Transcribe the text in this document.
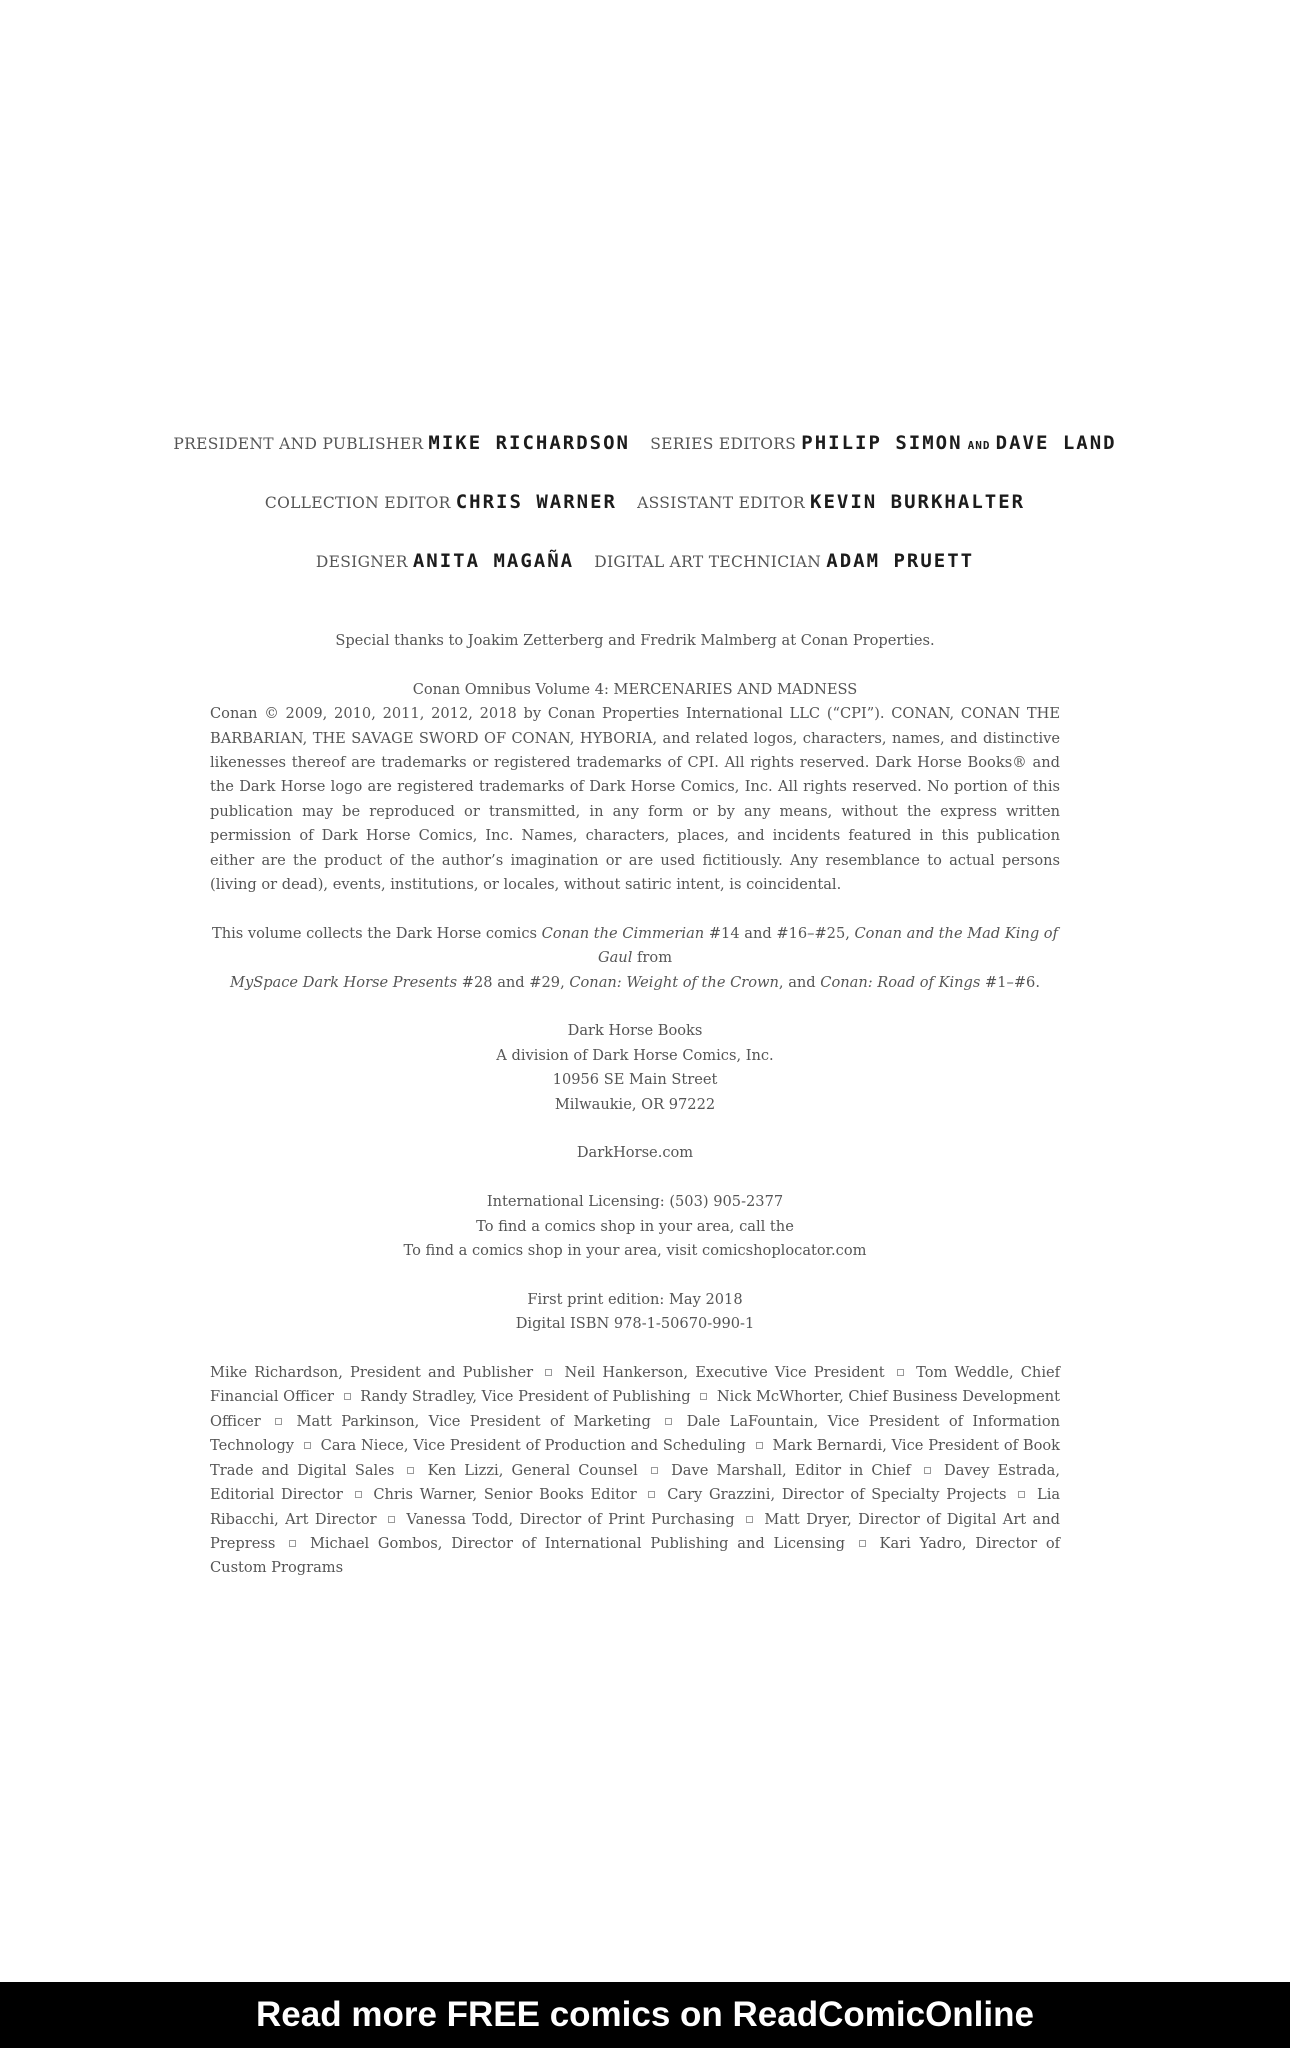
PRESIDENT AND PUBLISHER MIKE RICHARDSON SERIES EDITORS PHILIP SIMON AND DAVE LAND
COLLECTION EDITOR CHRIS WARNER ASSISTANT EDITOR KEVIN BURKHALTER
DESIGNER ANITA MAGAÑA DIGITAL ART TECHNICIAN ADAM PRUETT

Special thanks to Joakim Zetterberg and Fredrik Malmberg at Conan Properties.

Conan Omnibus Volume 4: MERCENARIES AND MADNESS

Conan © 2009, 2010, 2011, 2012, 2018 by Conan Properties International LLC (“CPI”). CONAN, CONAN THE BARBARIAN, THE SAVAGE SWORD OF CONAN, HYBORIA, and related logos, characters, names, and distinctive likenesses thereof are trademarks or registered trademarks of CPI. All rights reserved. Dark Horse Books® and the Dark Horse logo are registered trademarks of Dark Horse Comics, Inc. All rights reserved. No portion of this publication may be reproduced or transmitted, in any form or by any means, without the express written permission of Dark Horse Comics, Inc. Names, characters, places, and incidents featured in this publication either are the product of the author’s imagination or are used fictitiously. Any resemblance to actual persons (living or dead), events, institutions, or locales, without satiric intent, is coincidental.

This volume collects the Dark Horse comics Conan the Cimmerian #14 and #16–#25, Conan and the Mad King of Gaul from
MySpace Dark Horse Presents #28 and #29, Conan: Weight of the Crown, and Conan: Road of Kings #1–#6.

Dark Horse Books
A division of Dark Horse Comics, Inc.
10956 SE Main Street
Milwaukie, OR 97222

DarkHorse.com

International Licensing: (503) 905-2377
To find a comics shop in your area, call the
To find a comics shop in your area, visit comicshoplocator.com

First print edition: May 2018
Digital ISBN 978-1-50670-990-1

Mike Richardson, President and Publisher Neil Hankerson, Executive Vice President Tom Weddle, Chief Financial Officer Randy Stradley, Vice President of Publishing Nick McWhorter, Chief Business Development Officer Matt Parkinson, Vice President of Marketing Dale LaFountain, Vice President of Information Technology Cara Niece, Vice President of Production and Scheduling Mark Bernardi, Vice President of Book Trade and Digital Sales Ken Lizzi, General Counsel Dave Marshall, Editor in Chief Davey Estrada, Editorial Director Chris Warner, Senior Books Editor Cary Grazzini, Director of Specialty Projects Lia Ribacchi, Art Director Vanessa Todd, Director of Print Purchasing Matt Dryer, Director of Digital Art and Prepress Michael Gombos, Director of International Publishing and Licensing Kari Yadro, Director of Custom Programs

Read more FREE comics on ReadComicOnline
